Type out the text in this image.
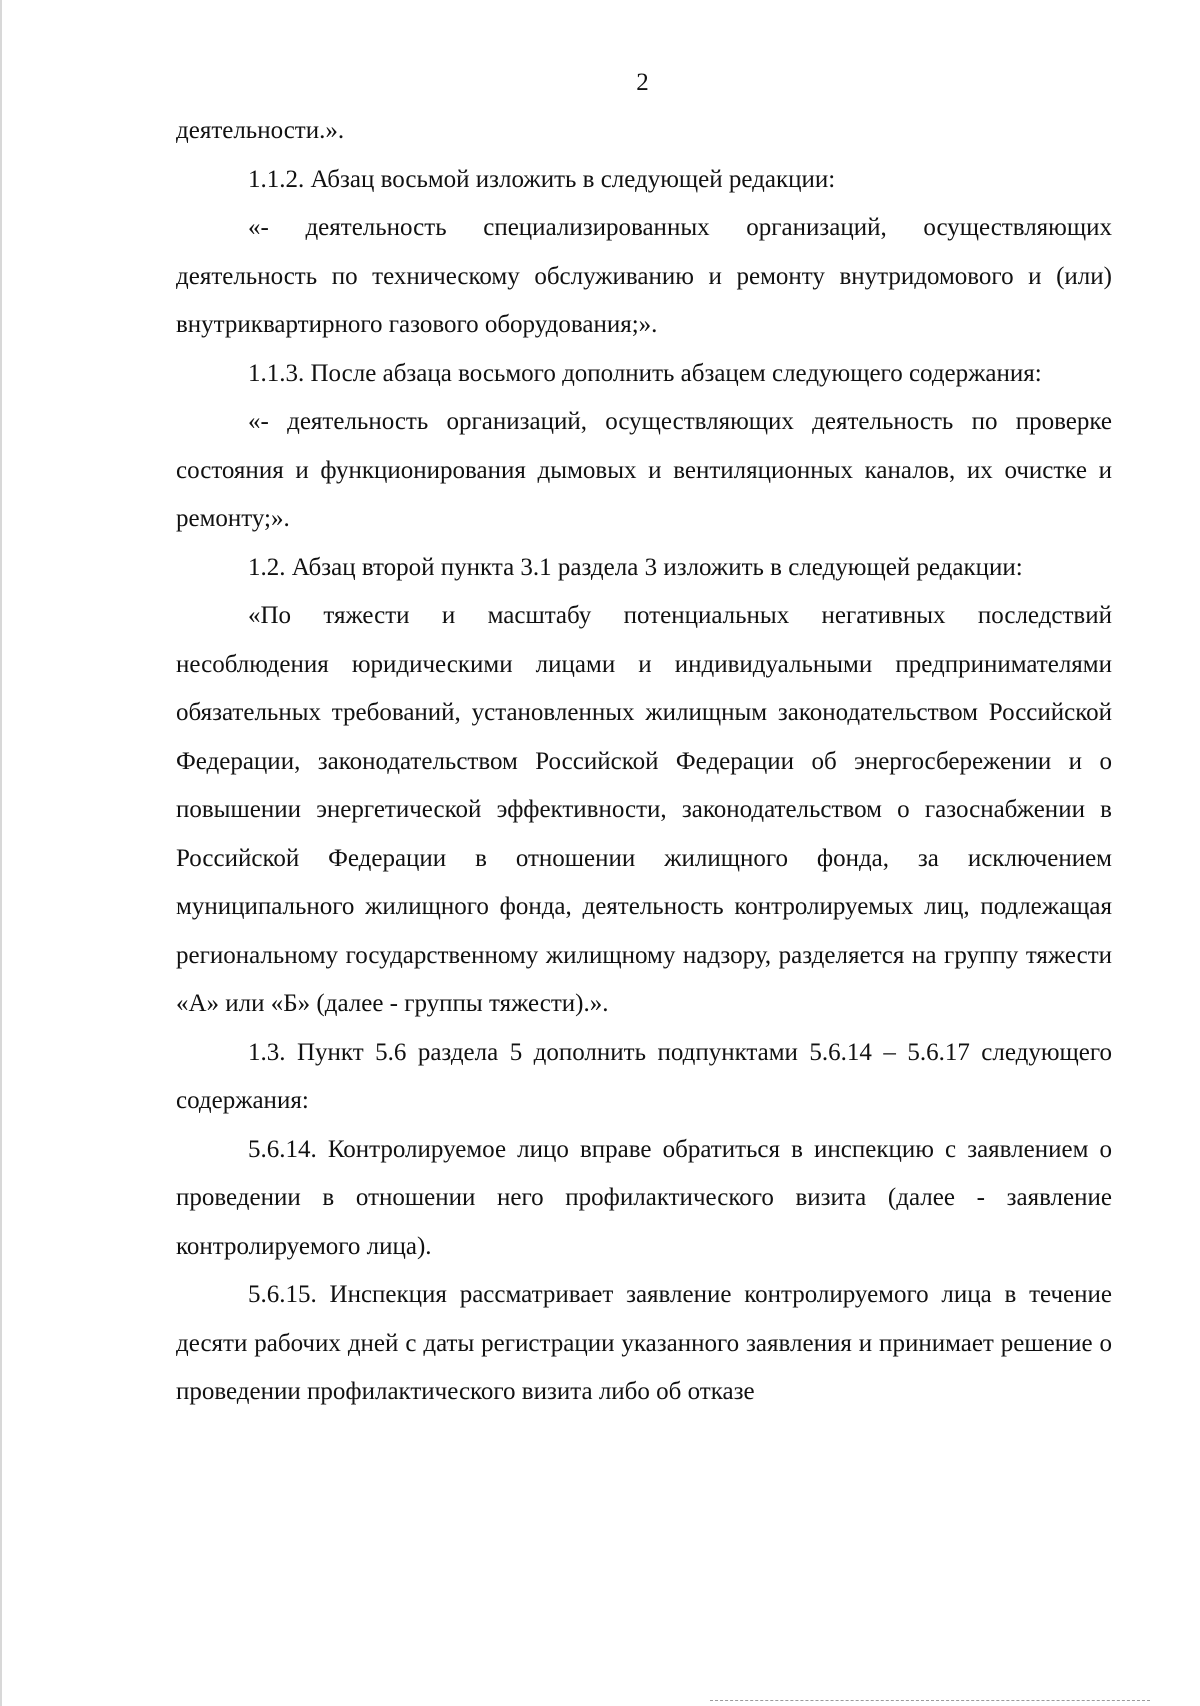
2

деятельности.».

1.1.2. Абзац восьмой изложить в следующей редакции:

«- деятельность специализированных организаций, осуществляющих деятельность по техническому обслуживанию и ремонту внутридомового и (или) внутриквартирного газового оборудования;».

1.1.3. После абзаца восьмого дополнить абзацем следующего содержания:

«- деятельность организаций, осуществляющих деятельность по проверке состояния и функционирования дымовых и вентиляционных каналов, их очистке и ремонту;».

1.2. Абзац второй пункта 3.1 раздела 3 изложить в следующей редакции:

«По тяжести и масштабу потенциальных негативных последствий несоблюдения юридическими лицами и индивидуальными предпринимателями обязательных требований, установленных жилищным законодательством Российской Федерации, законодательством Российской Федерации об энергосбережении и о повышении энергетической эффективности, законодательством о газоснабжении в Российской Федерации в отношении жилищного фонда, за исключением муниципального жилищного фонда, деятельность контролируемых лиц, подлежащая региональному государственному жилищному надзору, разделяется на группу тяжести «А» или «Б» (далее - группы тяжести).».

1.3. Пункт 5.6 раздела 5 дополнить подпунктами 5.6.14 – 5.6.17 следующего содержания:

5.6.14. Контролируемое лицо вправе обратиться в инспекцию с заявлением о проведении в отношении него профилактического визита (далее - заявление контролируемого лица).

5.6.15. Инспекция рассматривает заявление контролируемого лица в течение десяти рабочих дней с даты регистрации указанного заявления и принимает решение о проведении профилактического визита либо об отказе
